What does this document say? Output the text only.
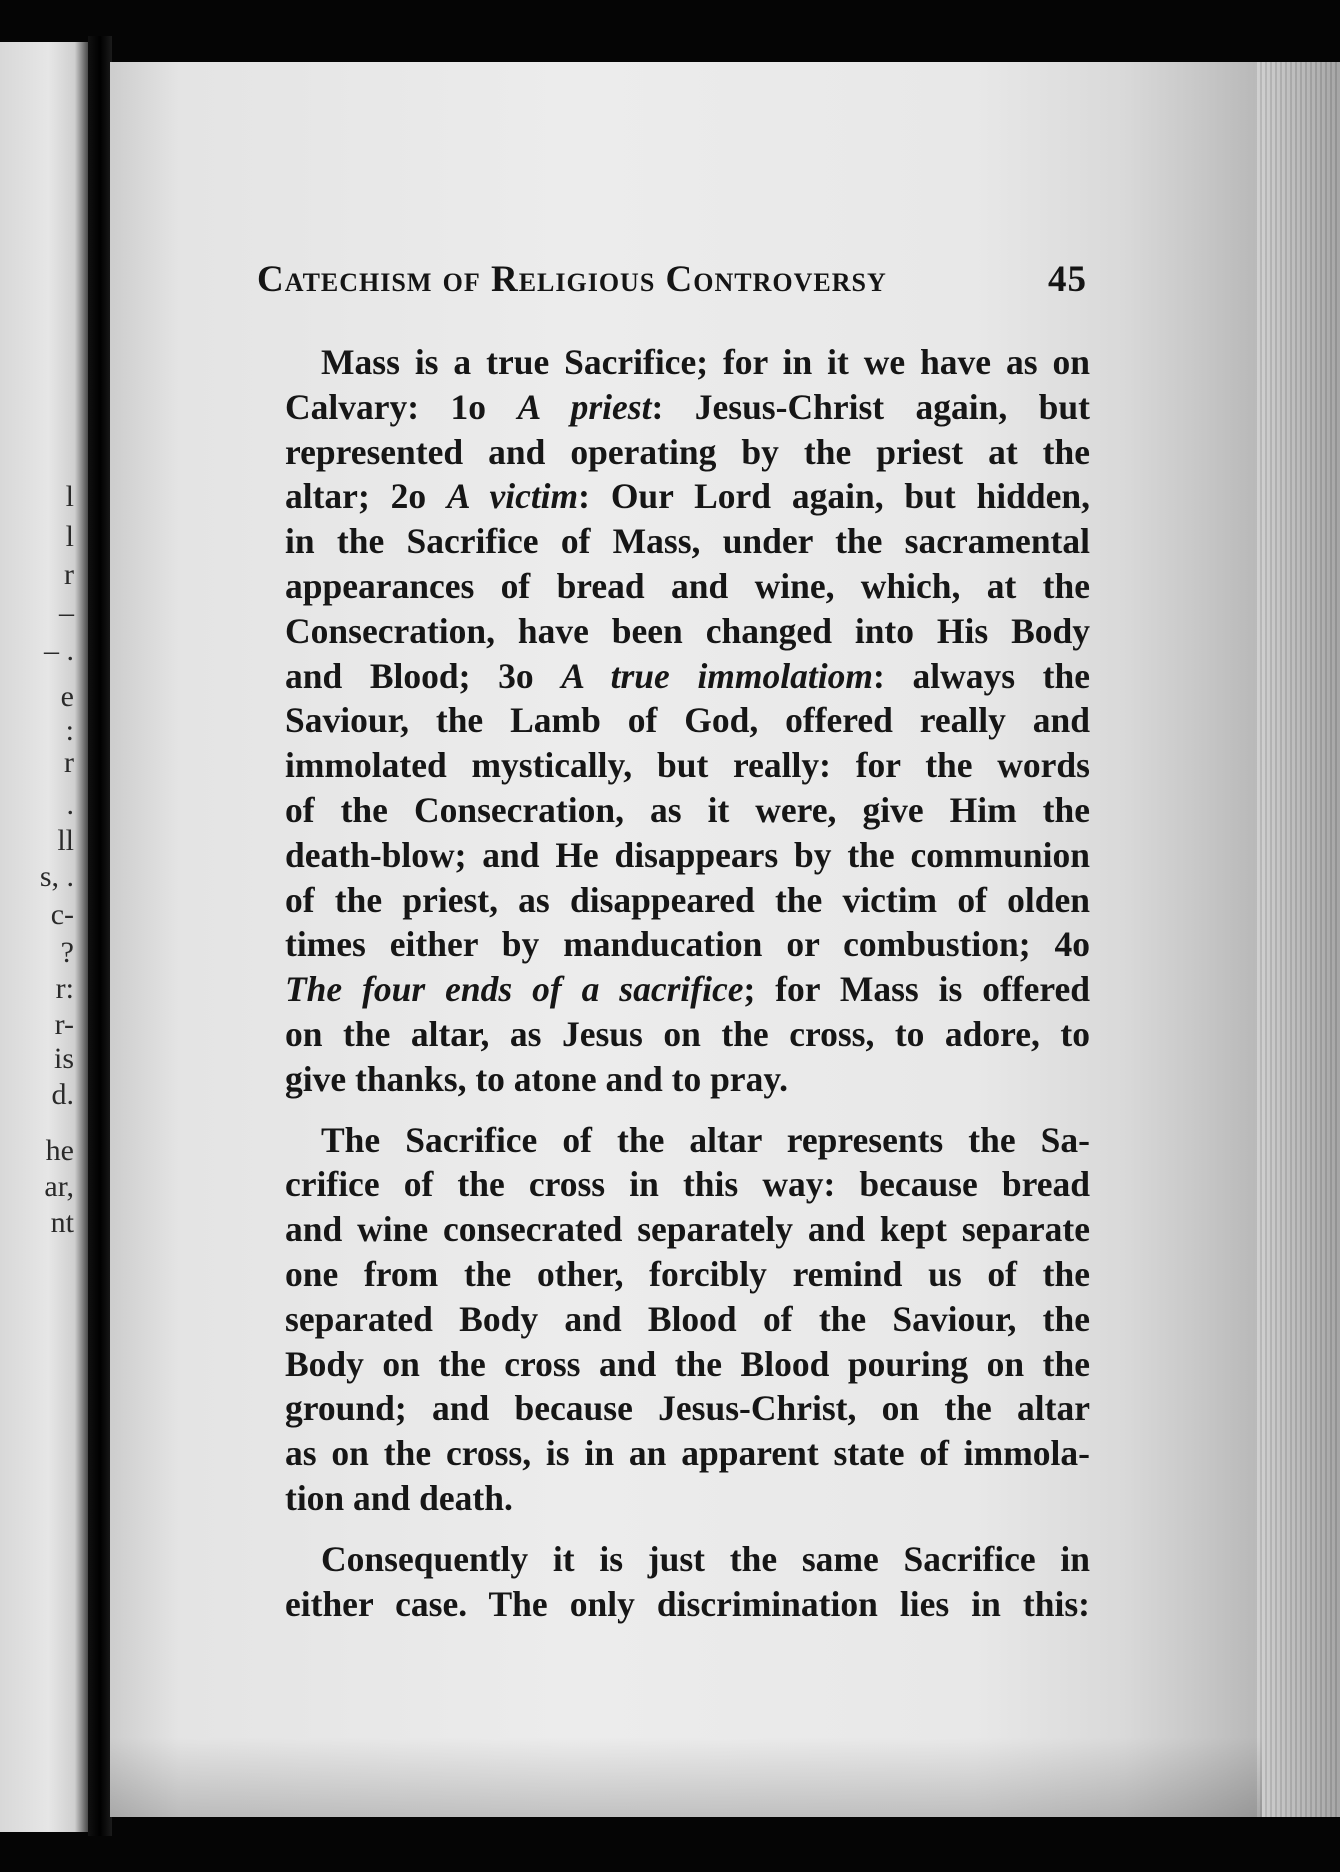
l
l
r
–
– .
e
:
r
.
ll
s, .
c-
?
r:
r-
is
d.
he
ar,
nt
Catechism of Religious Controversy	45
Mass is a true Sacrifice; for in it we have as on
Calvary: 1o A priest: Jesus-Christ again, but
represented and operating by the priest at the
altar; 2o A victim: Our Lord again, but hidden,
in the Sacrifice of Mass, under the sacramental
appearances of bread and wine, which, at the
Consecration, have been changed into His Body
and Blood; 3o A true immolatiom: always the
Saviour, the Lamb of God, offered really and
immolated mystically, but really: for the words
of the Consecration, as it were, give Him the
death-blow; and He disappears by the communion
of the priest, as disappeared the victim of olden
times either by manducation or combustion; 4o
The four ends of a sacrifice; for Mass is offered
on the altar, as Jesus on the cross, to adore, to
give thanks, to atone and to pray.
The Sacrifice of the altar represents the Sa-
crifice of the cross in this way: because bread
and wine consecrated separately and kept separate
one from the other, forcibly remind us of the
separated Body and Blood of the Saviour, the
Body on the cross and the Blood pouring on the
ground; and because Jesus-Christ, on the altar
as on the cross, is in an apparent state of immola-
tion and death.
Consequently it is just the same Sacrifice in
either case. The only discrimination lies in this:
